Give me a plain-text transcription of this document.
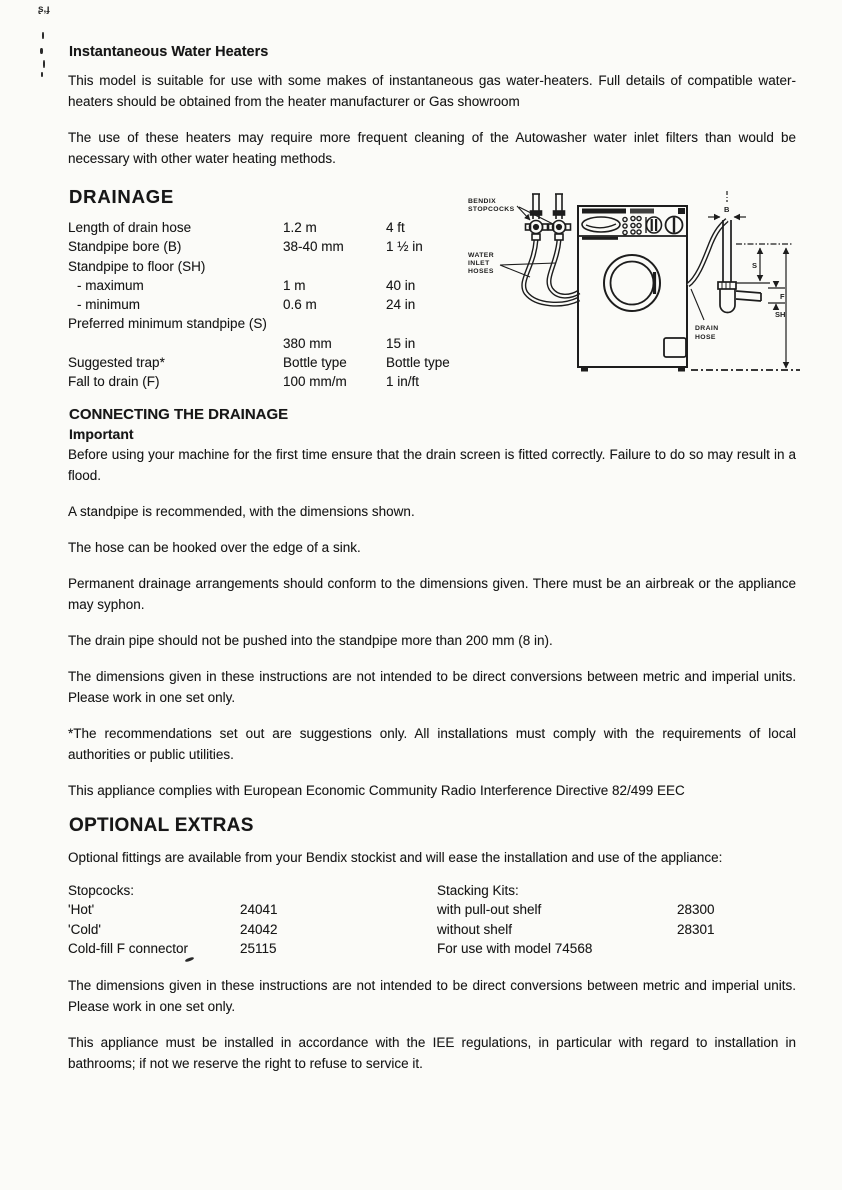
ʂ,ɟ
Instantaneous Water Heaters

This model is suitable for use with some makes of instantaneous gas water-heaters. Full details of compatible water-heaters should be obtained from the heater manufacturer or Gas showroom

The use of these heaters may require more frequent cleaning of the Autowasher water inlet filters than would be necessary with other water heating methods.

DRAINAGE
Length of drain hose	1.2 m	4 ft
Standpipe bore (B)	38-40 mm	1 ½ in
Standpipe to floor (SH)
- maximum	1 m	40 in
- minimum	0.6 m	24 in
Preferred minimum standpipe (S)
380 mm	15 in
Suggested trap*	Bottle type	Bottle type
Fall to drain (F)	100 mm/m	1 in/ft
CONNECTING THE DRAINAGE
Important

Before using your machine for the first time ensure that the drain screen is fitted correctly. Failure to do so may result in a flood.

A standpipe is recommended, with the dimensions shown.

The hose can be hooked over the edge of a sink.

Permanent drainage arrangements should conform to the dimensions given. There must be an airbreak or the appliance may syphon.

The drain pipe should not be pushed into the standpipe more than 200 mm (8 in).

The dimensions given in these instructions are not intended to be direct conversions between metric and imperial units. Please work in one set only.

*The recommendations set out are suggestions only. All installations must comply with the requirements of local authorities or public utilities.

This appliance complies with European Economic Community Radio Interference Directive 82/499 EEC

OPTIONAL EXTRAS

Optional fittings are available from your Bendix stockist and will ease the installation and use of the appliance:

Stopcocks:
'Hot'	24041
'Cold'	24042
Cold-fill F connector	25115
Stacking Kits:
with pull-out shelf	28300
without shelf	28301
For use with model 74568

The dimensions given in these instructions are not intended to be direct conversions between metric and imperial units. Please work in one set only.

This appliance must be installed in accordance with the IEE regulations, in particular with regard to installation in bathrooms; if not we reserve the right to refuse to service it.

BENDIX
STOPCOCKS
WATER
INLET
HOSES
DRAIN
HOSE
B
S
F
SH
